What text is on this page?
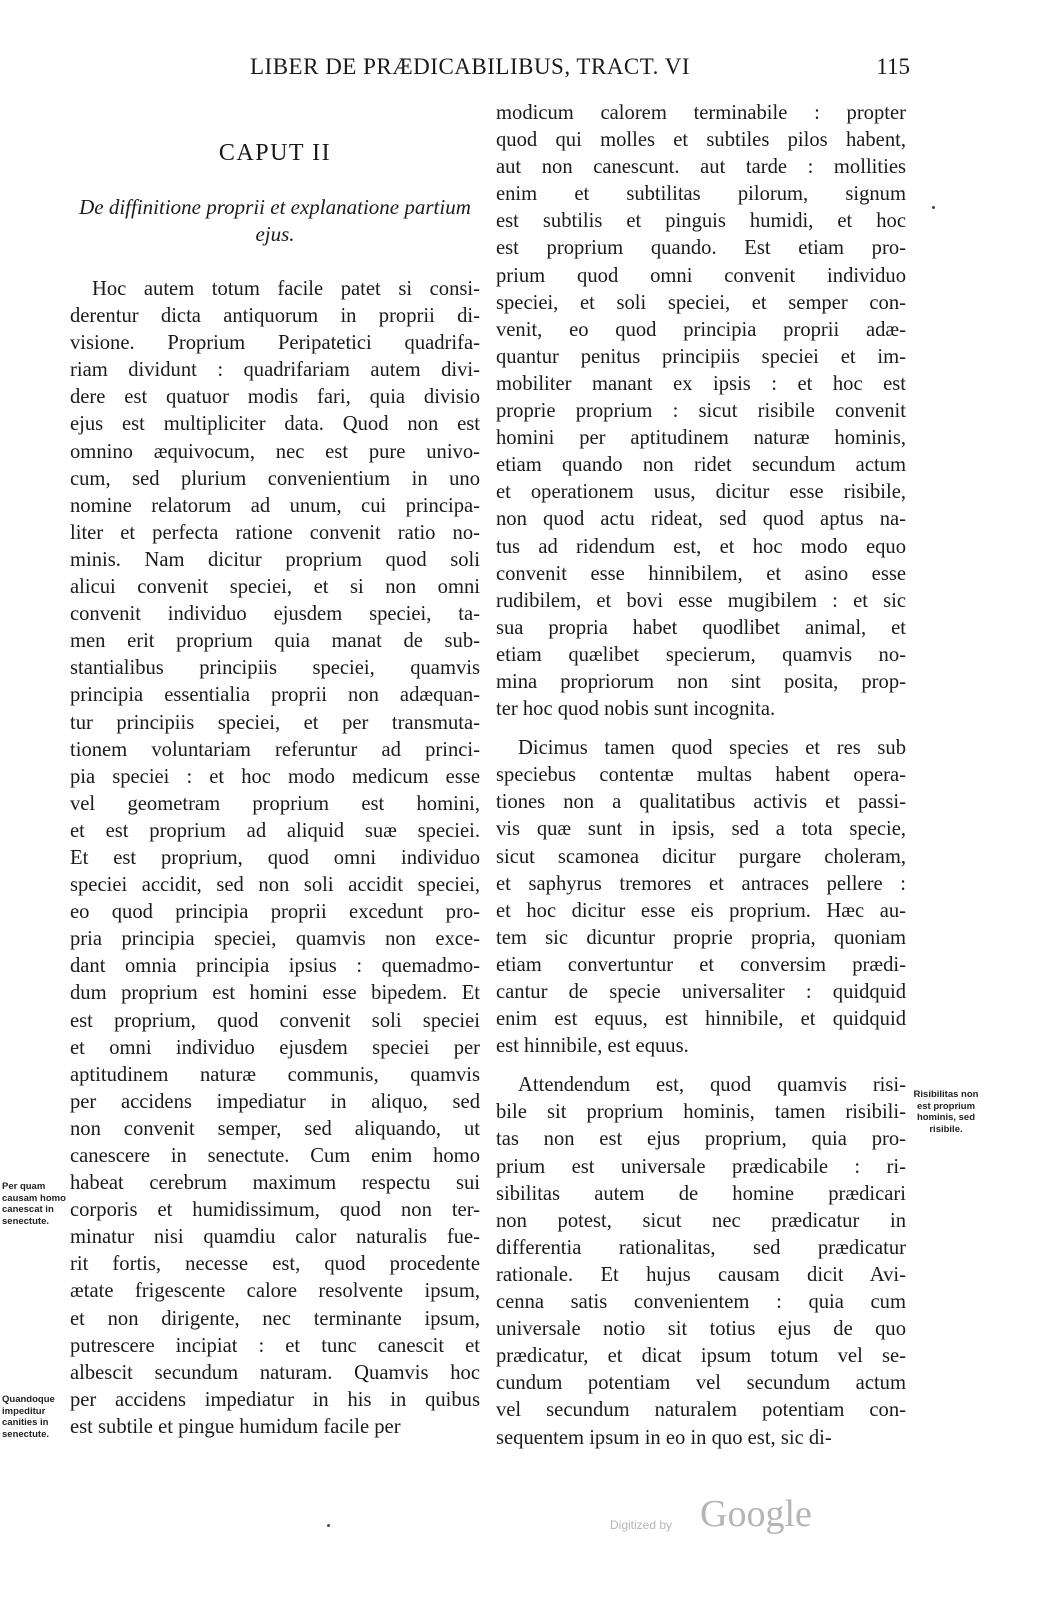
LIBER DE PRÆDICABILIBUS, TRACT. VI	115
CAPUT II
De diffinitione proprii et explanatione partium ejus.
Hoc autem totum facile patet si consi-
derentur dicta antiquorum in proprii di-
visione. Proprium Peripatetici quadrifa-
riam dividunt : quadrifariam autem divi-
dere est quatuor modis fari, quia divisio
ejus est multipliciter data. Quod non est
omnino æquivocum, nec est pure univo-
cum, sed plurium convenientium in uno
nomine relatorum ad unum, cui principa-
liter et perfecta ratione convenit ratio no-
minis. Nam dicitur proprium quod soli
alicui convenit speciei, et si non omni
convenit individuo ejusdem speciei, ta-
men erit proprium quia manat de sub-
stantialibus principiis speciei, quamvis
principia essentialia proprii non adæquan-
tur principiis speciei, et per transmuta-
tionem voluntariam referuntur ad princi-
pia speciei : et hoc modo medicum esse
vel geometram proprium est homini,
et est proprium ad aliquid suæ speciei.
Et est proprium, quod omni individuo
speciei accidit, sed non soli accidit speciei,
eo quod principia proprii excedunt pro-
pria principia speciei, quamvis non exce-
dant omnia principia ipsius : quemadmo-
dum proprium est homini esse bipedem. Et
est proprium, quod convenit soli speciei
et omni individuo ejusdem speciei per
aptitudinem naturæ communis, quamvis
per accidens impediatur in aliquo, sed
non convenit semper, sed aliquando, ut
canescere in senectute. Cum enim homo
habeat cerebrum maximum respectu sui
corporis et humidissimum, quod non ter-
minatur nisi quamdiu calor naturalis fue-
rit fortis, necesse est, quod procedente
ætate frigescente calore resolvente ipsum,
et non dirigente, nec terminante ipsum,
putrescere incipiat : et tunc canescit et
albescit secundum naturam. Quamvis hoc
per accidens impediatur in his in quibus
est subtile et pingue humidum facile per
modicum calorem terminabile : propter
quod qui molles et subtiles pilos habent,
aut non canescunt. aut tarde : mollities
enim et subtilitas pilorum, signum
est subtilis et pinguis humidi, et hoc
est proprium quando. Est etiam pro-
prium quod omni convenit individuo
speciei, et soli speciei, et semper con-
venit, eo quod principia proprii adæ-
quantur penitus principiis speciei et im-
mobiliter manant ex ipsis : et hoc est
proprie proprium : sicut risibile convenit
homini per aptitudinem naturæ hominis,
etiam quando non ridet secundum actum
et operationem usus, dicitur esse risibile,
non quod actu rideat, sed quod aptus na-
tus ad ridendum est, et hoc modo equo
convenit esse hinnibilem, et asino esse
rudibilem, et bovi esse mugibilem : et sic
sua propria habet quodlibet animal, et
etiam quælibet specierum, quamvis no-
mina propriorum non sint posita, prop-
ter hoc quod nobis sunt incognita.
Dicimus tamen quod species et res sub
speciebus contentæ multas habent opera-
tiones non a qualitatibus activis et passi-
vis quæ sunt in ipsis, sed a tota specie,
sicut scamonea dicitur purgare choleram,
et saphyrus tremores et antraces pellere :
et hoc dicitur esse eis proprium. Hæc au-
tem sic dicuntur proprie propria, quoniam
etiam convertuntur et conversim prædi-
cantur de specie universaliter : quidquid
enim est equus, est hinnibile, et quidquid
est hinnibile, est equus.
Attendendum est, quod quamvis risi-
bile sit proprium hominis, tamen risibili-
tas non est ejus proprium, quia pro-
prium est universale prædicabile : ri-
sibilitas autem de homine prædicari
non potest, sicut nec prædicatur in
differentia rationalitas, sed prædicatur
rationale. Et hujus causam dicit Avi-
cenna satis convenientem : quia cum
universale notio sit totius ejus de quo
prædicatur, et dicat ipsum totum vel se-
cundum potentiam vel secundum actum
vel secundum naturalem potentiam con-
sequentem ipsum in eo in quo est, sic di-
Per quam causam homo canescat in senectute.
Quandoque impeditur canities in senectute.
Risibilitas non est proprium hominis, sed risibile.
Digitized by Google
